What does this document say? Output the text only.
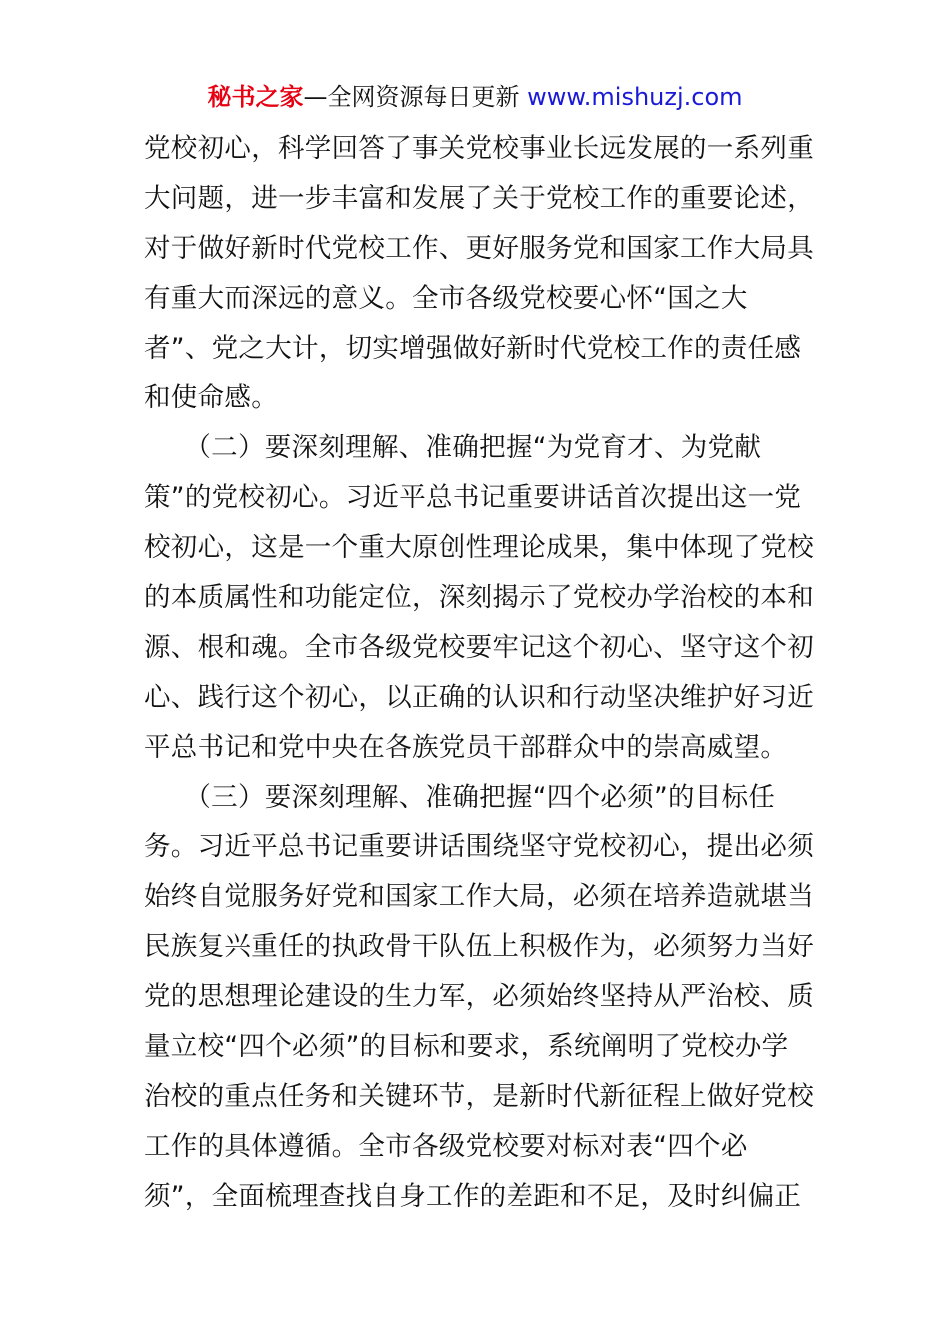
秘书之家—全网资源每日更新 www.mishuzj.com
党校初心，科学回答了事关党校事业长远发展的一系列重
大问题，进一步丰富和发展了关于党校工作的重要论述，
对于做好新时代党校工作、更好服务党和国家工作大局具
有重大而深远的意义。全市各级党校要心怀“国之大
者”、党之大计，切实增强做好新时代党校工作的责任感
和使命感。
　　（二）要深刻理解、准确把握“为党育才、为党献
策”的党校初心。习近平总书记重要讲话首次提出这一党
校初心，这是一个重大原创性理论成果，集中体现了党校
的本质属性和功能定位，深刻揭示了党校办学治校的本和
源、根和魂。全市各级党校要牢记这个初心、坚守这个初
心、践行这个初心，以正确的认识和行动坚决维护好习近
平总书记和党中央在各族党员干部群众中的崇高威望。
　　（三）要深刻理解、准确把握“四个必须”的目标任
务。习近平总书记重要讲话围绕坚守党校初心，提出必须
始终自觉服务好党和国家工作大局，必须在培养造就堪当
民族复兴重任的执政骨干队伍上积极作为，必须努力当好
党的思想理论建设的生力军，必须始终坚持从严治校、质
量立校“四个必须”的目标和要求，系统阐明了党校办学
治校的重点任务和关键环节，是新时代新征程上做好党校
工作的具体遵循。全市各级党校要对标对表“四个必
须”，全面梳理查找自身工作的差距和不足，及时纠偏正
